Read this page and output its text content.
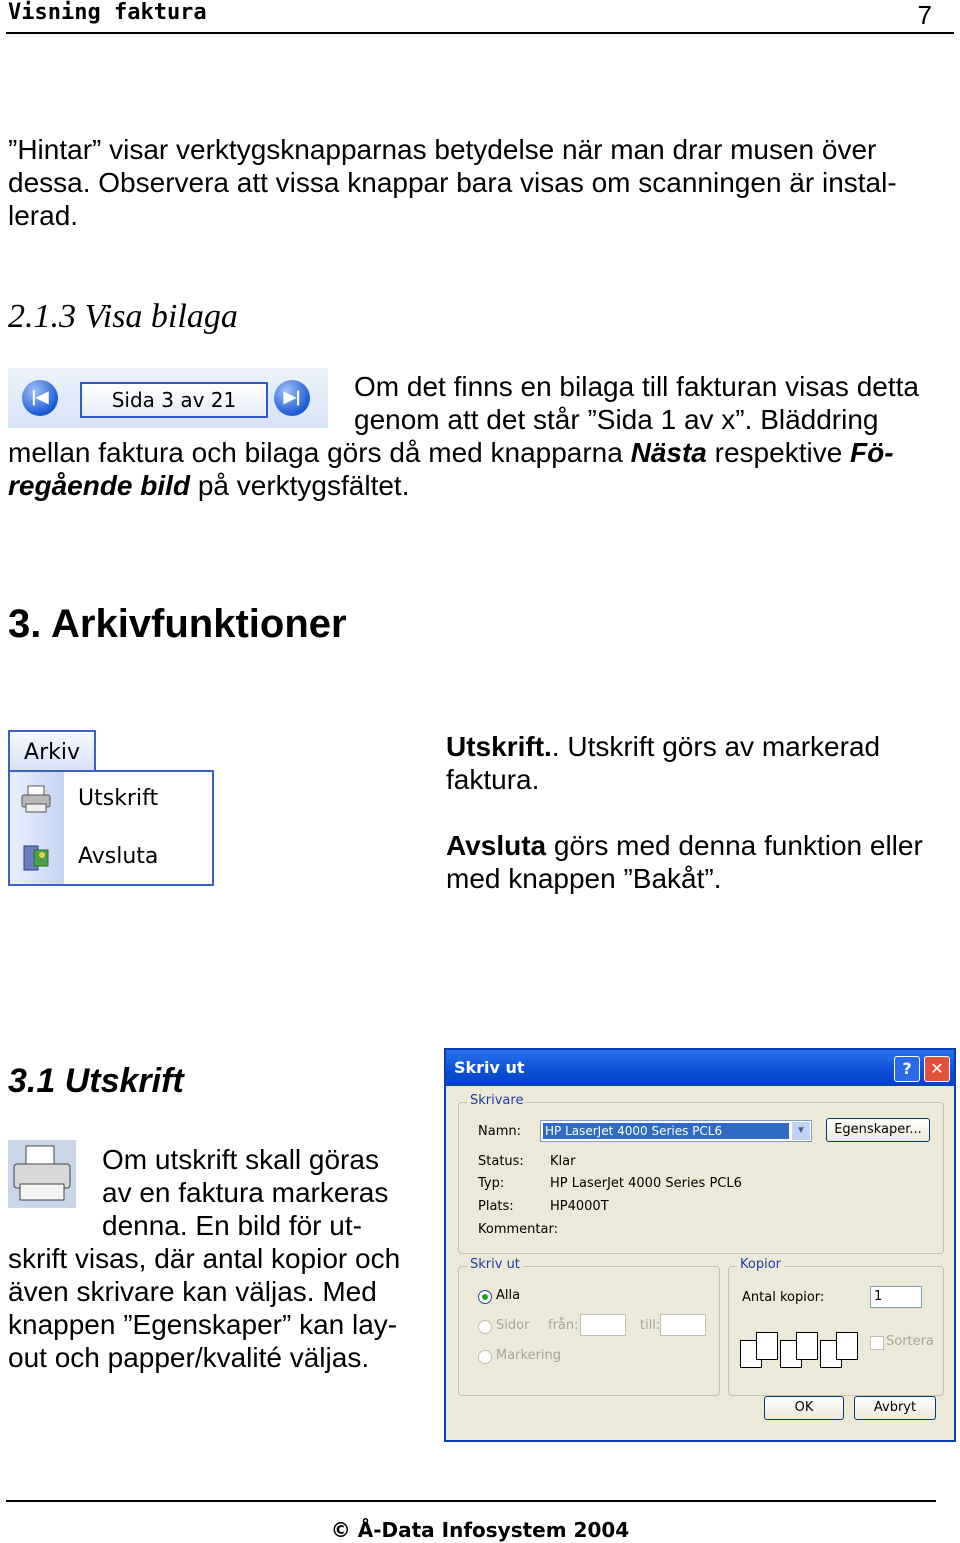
Visning faktura	7
”Hintar” visar verktygsknapparnas betydelse när man drar musen över
dessa. Observera att vissa knappar bara visas om scanningen är instal-
lerad.
2.1.3 Visa bilaga
|◀	Sida 3 av 21	▶|	Om det finns en bilaga till fakturan visas detta
genom att det står ”Sida 1 av x”. Bläddring
mellan faktura och bilaga görs då med knapparna Nästa respektive Fö-
regående bild på verktygsfältet.
3. Arkivfunktioner
Arkiv
Utskrift
Avsluta
Utskrift.. Utskrift görs av markerad
faktura.
Avsluta görs med denna funktion eller
med knappen ”Bakåt”.
3.1 Utskrift
Om utskrift skall göras
av en faktura markeras
denna. En bild för ut-
skrift visas, där antal kopior och
även skrivare kan väljas. Med
knappen ”Egenskaper” kan lay-
out och papper/kvalité väljas.
Skriv ut	?	✕
Skrivare
Namn: HP LaserJet 4000 Series PCL6	▼	Egenskaper...
Status: Klar
Typ:	HP LaserJet 4000 Series PCL6
Plats:	HP4000T
Kommentar:
Skriv ut
Alla
Sidor från:	till:
Markering
Kopior
Antal kopior:	1
Sortera
OK	Avbryt
© Å-Data Infosystem 2004
